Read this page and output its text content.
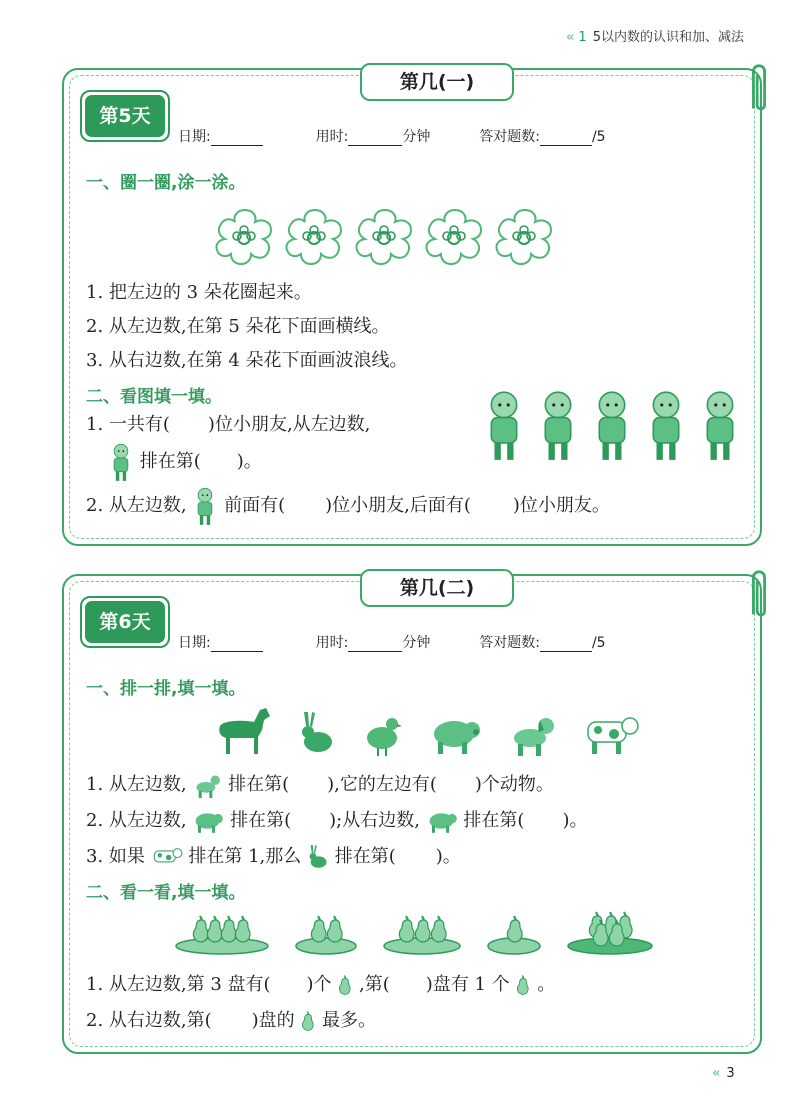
« 1 5以内数的认识和加、减法
第几(一)
第5天
日期:	用时:	分钟	答对题数:	/5
一、圈一圈,涂一涂。
1. 把左边的 3 朵花圈起来。
2. 从左边数,在第 5 朵花下面画横线。
3. 从右边数,在第 4 朵花下面画波浪线。
二、看图填一填。
1. 一共有( )位小朋友,从左边数,
排在第( )。
2. 从左边数, 前面有( )位小朋友,后面有( )位小朋友。
第几(二)
第6天
日期:	用时:	分钟	答对题数:	/5
一、排一排,填一填。
1. 从左边数, 排在第( ),它的左边有( )个动物。
2. 从左边数, 排在第( );从右边数, 排在第( )。
3. 如果 排在第 1,那么 排在第( )。
二、看一看,填一填。
1. 从左边数,第 3 盘有( )个 ,第( )盘有 1 个 。
2. 从右边数,第( )盘的 最多。
« 3
